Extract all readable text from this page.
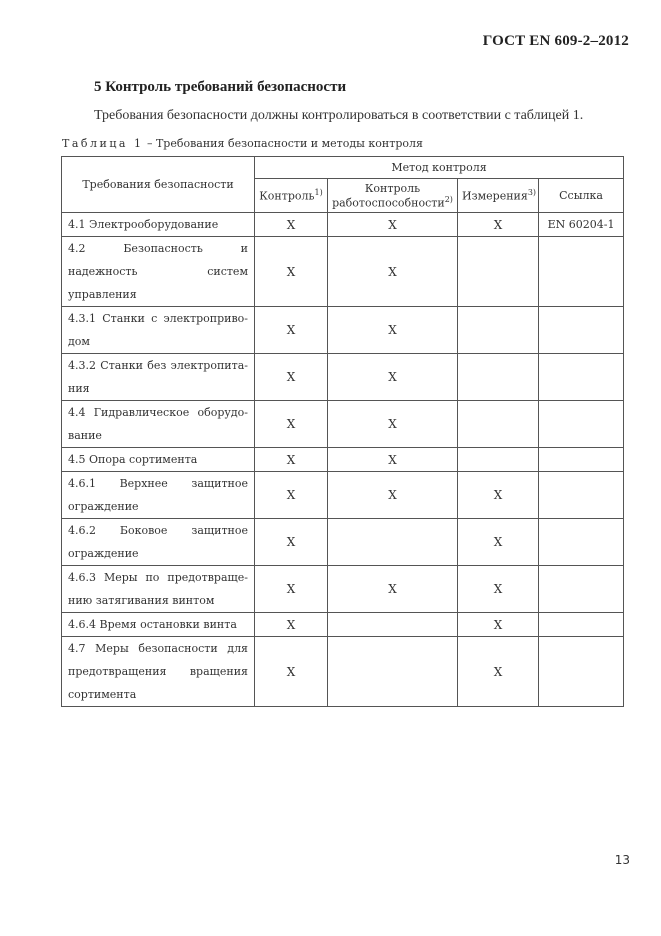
ГОСТ EN 609-2–2012
5 Контроль требований безопасности
Требования безопасности должны контролироваться в соответствии с таблицей 1.
Таблица 1 – Требования безопасности и методы контроля
Требования безопасности	Метод контроля			
	Контроль$^{1)}$	Контроль работоспособности$^{2)}$	Измерения$^{3)}$	Ссылка
4.1 Электрооборудование	X	X	X	EN 60204-1
4.2 Безопасность и надежность систем управления	X	X		
4.3.1 Станки с электроприводом	X	X		
4.3.2 Станки без электропитания	X	X		
4.4 Гидравлическое оборудование	X	X		
4.5 Опора сортимента	X	X		
4.6.1 Верхнее защитное ограждение	X	X	X	
4.6.2 Боковое защитное ограждение	X		X	
4.6.3 Меры по предотвращению затягивания винтом	X	X	X	
4.6.4 Время остановки винта	X		X	
4.7 Меры безопасности для предотвращения вращения сортимента	X		X	
13
